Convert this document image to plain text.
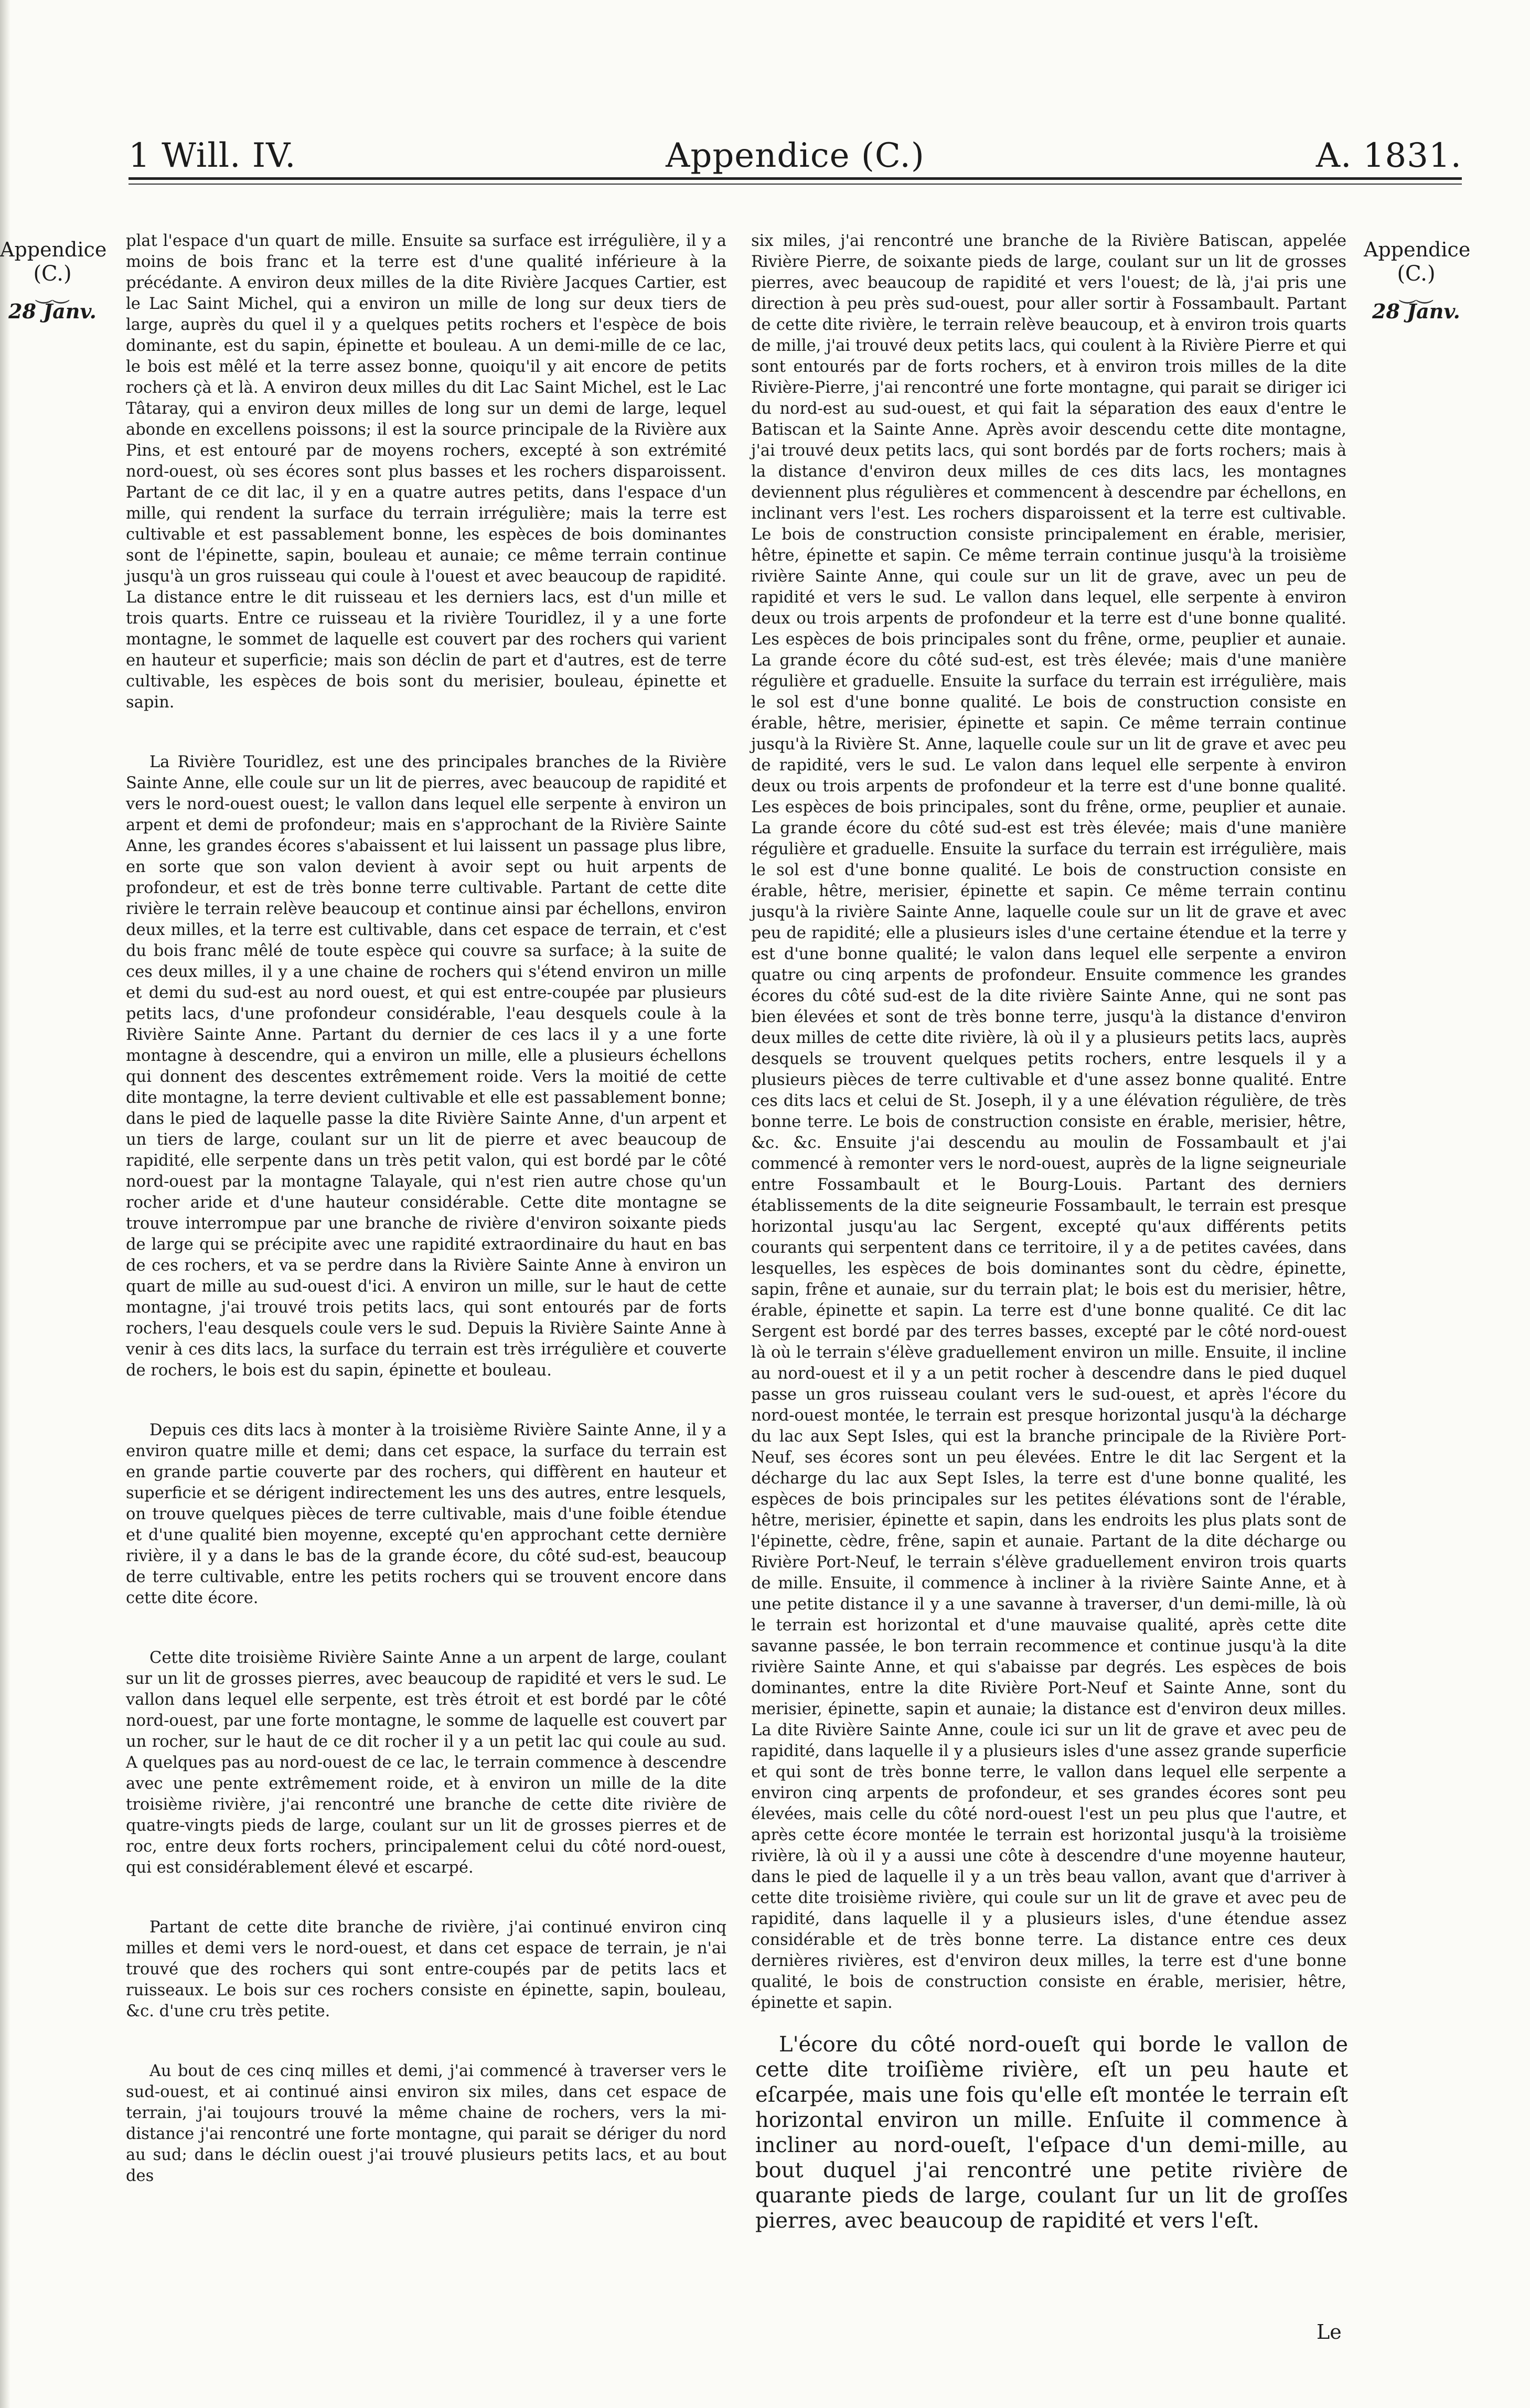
1 Will. IV.	Appendice (C.)	A. 1831.
Appendice
(C.)
⏝⏝
28 Janv.
Appendice
(C.)
⏝⏝
28 Janv.

plat l'espace d'un quart de mille. Ensuite sa surface est irrégulière, il y a moins de bois franc et la terre est d'une qualité inférieure à la précédante. A environ deux milles de la dite Rivière Jacques Cartier, est le Lac Saint Michel, qui a environ un mille de long sur deux tiers de large, auprès du quel il y a quelques petits rochers et l'espèce de bois dominante, est du sapin, épinette et bouleau. A un demi-mille de ce lac, le bois est mêlé et la terre assez bonne, quoiqu'il y ait encore de petits rochers çà et là. A environ deux milles du dit Lac Saint Michel, est le Lac Tâtaray, qui a environ deux milles de long sur un demi de large, lequel abonde en excellens poissons; il est la source principale de la Rivière aux Pins, et est entouré par de moyens rochers, excepté à son extrémité nord-ouest, où ses écores sont plus basses et les rochers disparoissent. Partant de ce dit lac, il y en a quatre autres petits, dans l'espace d'un mille, qui rendent la surface du terrain irrégulière; mais la terre est cultivable et est passablement bonne, les espèces de bois dominantes sont de l'épinette, sapin, bouleau et aunaie; ce même terrain continue jusqu'à un gros ruisseau qui coule à l'ouest et avec beaucoup de rapidité. La distance entre le dit ruisseau et les derniers lacs, est d'un mille et trois quarts. Entre ce ruisseau et la rivière Touridlez, il y a une forte montagne, le sommet de laquelle est couvert par des rochers qui varient en hauteur et superficie; mais son déclin de part et d'autres, est de terre cultivable, les espèces de bois sont du merisier, bouleau, épinette et sapin.

La Rivière Touridlez, est une des principales branches de la Rivière Sainte Anne, elle coule sur un lit de pierres, avec beaucoup de rapidité et vers le nord-ouest ouest; le vallon dans lequel elle serpente à environ un arpent et demi de profondeur; mais en s'approchant de la Rivière Sainte Anne, les grandes écores s'abaissent et lui laissent un passage plus libre, en sorte que son valon devient à avoir sept ou huit arpents de profondeur, et est de très bonne terre cultivable. Partant de cette dite rivière le terrain relève beaucoup et continue ainsi par échellons, environ deux milles, et la terre est cultivable, dans cet espace de terrain, et c'est du bois franc mêlé de toute espèce qui couvre sa surface; à la suite de ces deux milles, il y a une chaine de rochers qui s'étend environ un mille et demi du sud-est au nord ouest, et qui est entre-coupée par plusieurs petits lacs, d'une profondeur considérable, l'eau desquels coule à la Rivière Sainte Anne. Partant du dernier de ces lacs il y a une forte montagne à descendre, qui a environ un mille, elle a plusieurs échellons qui donnent des descentes extrêmement roide. Vers la moitié de cette dite montagne, la terre devient cultivable et elle est passablement bonne; dans le pied de laquelle passe la dite Rivière Sainte Anne, d'un arpent et un tiers de large, coulant sur un lit de pierre et avec beaucoup de rapidité, elle serpente dans un très petit valon, qui est bordé par le côté nord-ouest par la montagne Talayale, qui n'est rien autre chose qu'un rocher aride et d'une hauteur considérable. Cette dite montagne se trouve interrompue par une branche de rivière d'environ soixante pieds de large qui se précipite avec une rapidité extraordinaire du haut en bas de ces rochers, et va se perdre dans la Rivière Sainte Anne à environ un quart de mille au sud-ouest d'ici. A environ un mille, sur le haut de cette montagne, j'ai trouvé trois petits lacs, qui sont entourés par de forts rochers, l'eau desquels coule vers le sud. Depuis la Rivière Sainte Anne à venir à ces dits lacs, la surface du terrain est très irrégulière et couverte de rochers, le bois est du sapin, épinette et bouleau.

Depuis ces dits lacs à monter à la troisième Rivière Sainte Anne, il y a environ quatre mille et demi; dans cet espace, la surface du terrain est en grande partie couverte par des rochers, qui diffèrent en hauteur et superficie et se dérigent indirectement les uns des autres, entre lesquels, on trouve quelques pièces de terre cultivable, mais d'une foible étendue et d'une qualité bien moyenne, excepté qu'en approchant cette dernière rivière, il y a dans le bas de la grande écore, du côté sud-est, beaucoup de terre cultivable, entre les petits rochers qui se trouvent encore dans cette dite écore.

Cette dite troisième Rivière Sainte Anne a un arpent de large, coulant sur un lit de grosses pierres, avec beaucoup de rapidité et vers le sud. Le vallon dans lequel elle serpente, est très étroit et est bordé par le côté nord-ouest, par une forte montagne, le somme de laquelle est couvert par un rocher, sur le haut de ce dit rocher il y a un petit lac qui coule au sud. A quelques pas au nord-ouest de ce lac, le terrain commence à descendre avec une pente extrêmement roide, et à environ un mille de la dite troisième rivière, j'ai rencontré une branche de cette dite rivière de quatre-vingts pieds de large, coulant sur un lit de grosses pierres et de roc, entre deux forts rochers, principalement celui du côté nord-ouest, qui est considérablement élevé et escarpé.

Partant de cette dite branche de rivière, j'ai continué environ cinq milles et demi vers le nord-ouest, et dans cet espace de terrain, je n'ai trouvé que des rochers qui sont entre-coupés par de petits lacs et ruisseaux. Le bois sur ces rochers consiste en épinette, sapin, bouleau, &c. d'une cru très petite.

Au bout de ces cinq milles et demi, j'ai commencé à traverser vers le sud-ouest, et ai continué ainsi environ six miles, dans cet espace de terrain, j'ai toujours trouvé la même chaine de rochers, vers la mi-distance j'ai rencontré une forte montagne, qui parait se dériger du nord au sud; dans le déclin ouest j'ai trouvé plusieurs petits lacs, et au bout des

six miles, j'ai rencontré une branche de la Rivière Batiscan, appelée Rivière Pierre, de soixante pieds de large, coulant sur un lit de grosses pierres, avec beaucoup de rapidité et vers l'ouest; de là, j'ai pris une direction à peu près sud-ouest, pour aller sortir à Fossambault. Partant de cette dite rivière, le terrain relève beaucoup, et à environ trois quarts de mille, j'ai trouvé deux petits lacs, qui coulent à la Rivière Pierre et qui sont entourés par de forts rochers, et à environ trois milles de la dite Rivière-Pierre, j'ai rencontré une forte montagne, qui parait se diriger ici du nord-est au sud-ouest, et qui fait la séparation des eaux d'entre le Batiscan et la Sainte Anne. Après avoir descendu cette dite montagne, j'ai trouvé deux petits lacs, qui sont bordés par de forts rochers; mais à la distance d'environ deux milles de ces dits lacs, les montagnes deviennent plus régulières et commencent à descendre par échellons, en inclinant vers l'est. Les rochers disparoissent et la terre est cultivable. Le bois de construction consiste principalement en érable, merisier, hêtre, épinette et sapin. Ce même terrain continue jusqu'à la troisième rivière Sainte Anne, qui coule sur un lit de grave, avec un peu de rapidité et vers le sud. Le vallon dans lequel, elle serpente à environ deux ou trois arpents de profondeur et la terre est d'une bonne qualité. Les espèces de bois principales sont du frêne, orme, peuplier et aunaie. La grande écore du côté sud-est, est très élevée; mais d'une manière régulière et graduelle. Ensuite la surface du terrain est irrégulière, mais le sol est d'une bonne qualité. Le bois de construction consiste en érable, hêtre, merisier, épinette et sapin. Ce même terrain continue jusqu'à la Rivière St. Anne, laquelle coule sur un lit de grave et avec peu de rapidité, vers le sud. Le valon dans lequel elle serpente à environ deux ou trois arpents de profondeur et la terre est d'une bonne qualité. Les espèces de bois principales, sont du frêne, orme, peuplier et aunaie. La grande écore du côté sud-est est très élevée; mais d'une manière régulière et graduelle. Ensuite la surface du terrain est irrégulière, mais le sol est d'une bonne qualité. Le bois de construction consiste en érable, hêtre, merisier, épinette et sapin. Ce même terrain continu jusqu'à la rivière Sainte Anne, laquelle coule sur un lit de grave et avec peu de rapidité; elle a plusieurs isles d'une certaine étendue et la terre y est d'une bonne qualité; le valon dans lequel elle serpente a environ quatre ou cinq arpents de profondeur. Ensuite commence les grandes écores du côté sud-est de la dite rivière Sainte Anne, qui ne sont pas bien élevées et sont de très bonne terre, jusqu'à la distance d'environ deux milles de cette dite rivière, là où il y a plusieurs petits lacs, auprès desquels se trouvent quelques petits rochers, entre lesquels il y a plusieurs pièces de terre cultivable et d'une assez bonne qualité. Entre ces dits lacs et celui de St. Joseph, il y a une élévation régulière, de très bonne terre. Le bois de construction consiste en érable, merisier, hêtre, &c. &c. Ensuite j'ai descendu au moulin de Fossambault et j'ai commencé à remonter vers le nord-ouest, auprès de la ligne seigneuriale entre Fossambault et le Bourg-Louis. Partant des derniers établissements de la dite seigneurie Fossambault, le terrain est presque horizontal jusqu'au lac Sergent, excepté qu'aux différents petits courants qui serpentent dans ce territoire, il y a de petites cavées, dans lesquelles, les espèces de bois dominantes sont du cèdre, épinette, sapin, frêne et aunaie, sur du terrain plat; le bois est du merisier, hêtre, érable, épinette et sapin. La terre est d'une bonne qualité. Ce dit lac Sergent est bordé par des terres basses, excepté par le côté nord-ouest là où le terrain s'élève graduellement environ un mille. Ensuite, il incline au nord-ouest et il y a un petit rocher à descendre dans le pied duquel passe un gros ruisseau coulant vers le sud-ouest, et après l'écore du nord-ouest montée, le terrain est presque horizontal jusqu'à la décharge du lac aux Sept Isles, qui est la branche principale de la Rivière Port-Neuf, ses écores sont un peu élevées. Entre le dit lac Sergent et la décharge du lac aux Sept Isles, la terre est d'une bonne qualité, les espèces de bois principales sur les petites élévations sont de l'érable, hêtre, merisier, épinette et sapin, dans les endroits les plus plats sont de l'épinette, cèdre, frêne, sapin et aunaie. Partant de la dite décharge ou Rivière Port-Neuf, le terrain s'élève graduellement environ trois quarts de mille. Ensuite, il commence à incliner à la rivière Sainte Anne, et à une petite distance il y a une savanne à traverser, d'un demi-mille, là où le terrain est horizontal et d'une mauvaise qualité, après cette dite savanne passée, le bon terrain recommence et continue jusqu'à la dite rivière Sainte Anne, et qui s'abaisse par degrés. Les espèces de bois dominantes, entre la dite Rivière Port-Neuf et Sainte Anne, sont du merisier, épinette, sapin et aunaie; la distance est d'environ deux milles. La dite Rivière Sainte Anne, coule ici sur un lit de grave et avec peu de rapidité, dans laquelle il y a plusieurs isles d'une assez grande superficie et qui sont de très bonne terre, le vallon dans lequel elle serpente a environ cinq arpents de profondeur, et ses grandes écores sont peu élevées, mais celle du côté nord-ouest l'est un peu plus que l'autre, et après cette écore montée le terrain est horizontal jusqu'à la troisième rivière, là où il y a aussi une côte à descendre d'une moyenne hauteur, dans le pied de laquelle il y a un très beau vallon, avant que d'arriver à cette dite troisième rivière, qui coule sur un lit de grave et avec peu de rapidité, dans laquelle il y a plusieurs isles, d'une étendue assez considérable et de très bonne terre. La distance entre ces deux dernières rivières, est d'environ deux milles, la terre est d'une bonne qualité, le bois de construction consiste en érable, merisier, hêtre, épinette et sapin.

L'écore du côté nord-oueſt qui borde le vallon de cette dite troiſième rivière, eſt un peu haute et eſcarpée, mais une fois qu'elle eſt montée le terrain eſt horizontal environ un mille. Enſuite il commence à incliner au nord-oueſt, l'eſpace d'un demi-mille, au bout duquel j'ai rencontré une petite rivière de quarante pieds de large, coulant ſur un lit de groſſes pierres, avec beaucoup de rapidité et vers l'eſt.
Le
